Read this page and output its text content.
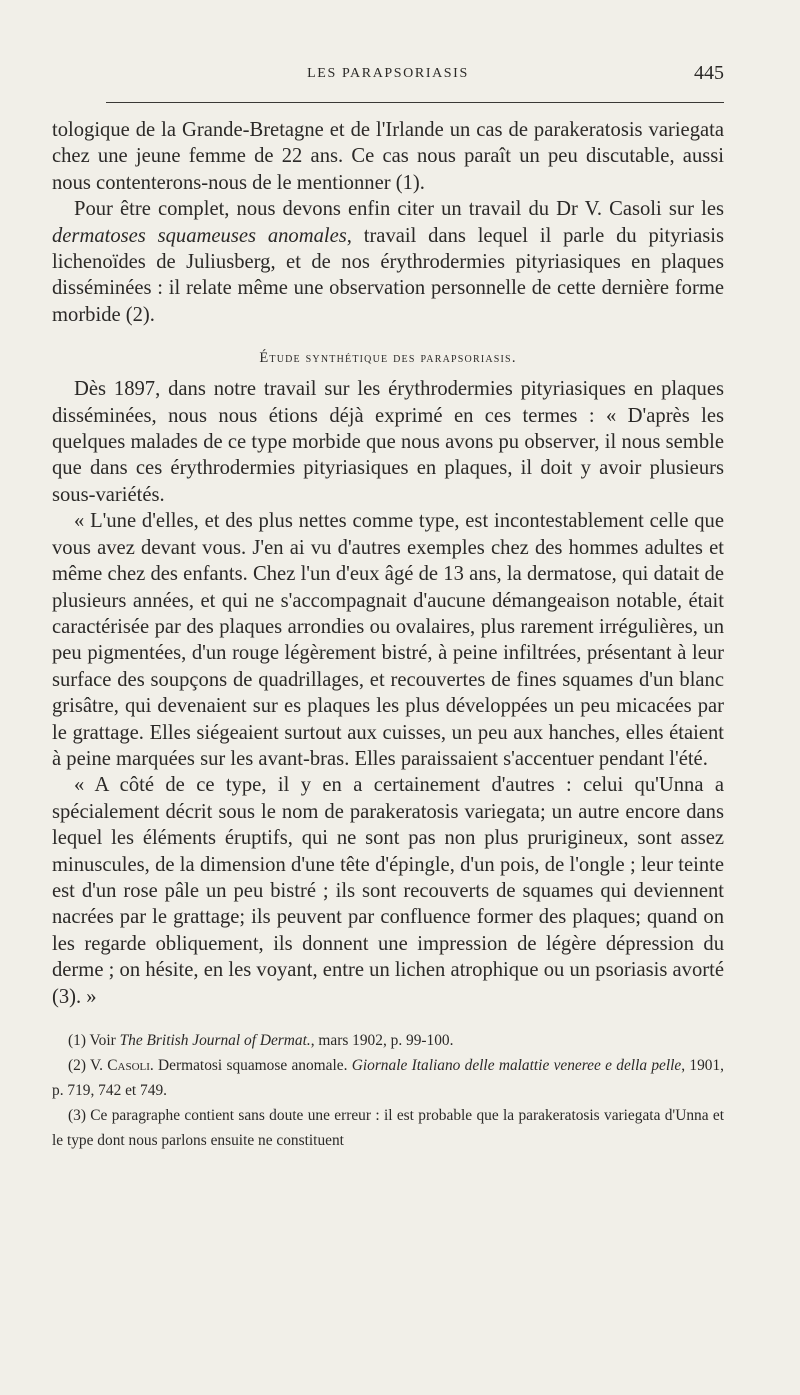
LES PARAPSORIASIS	445

tologique de la Grande-Bretagne et de l'Irlande un cas de parakeratosis variegata chez une jeune femme de 22 ans. Ce cas nous paraît un peu discutable, aussi nous contenterons-nous de le mentionner (1).

Pour être complet, nous devons enfin citer un travail du Dr V. Casoli sur les dermatoses squameuses anomales, travail dans lequel il parle du pityriasis lichenoïdes de Juliusberg, et de nos érythrodermies pityriasiques en plaques disséminées : il relate même une observation personnelle de cette dernière forme morbide (2).

Étude synthétique des parapsoriasis.

Dès 1897, dans notre travail sur les érythrodermies pityriasiques en plaques disséminées, nous nous étions déjà exprimé en ces termes : « D'après les quelques malades de ce type morbide que nous avons pu observer, il nous semble que dans ces érythrodermies pityriasiques en plaques, il doit y avoir plusieurs sous-variétés.

« L'une d'elles, et des plus nettes comme type, est incontestablement celle que vous avez devant vous. J'en ai vu d'autres exemples chez des hommes adultes et même chez des enfants. Chez l'un d'eux âgé de 13 ans, la dermatose, qui datait de plusieurs années, et qui ne s'accompagnait d'aucune démangeaison notable, était caractérisée par des plaques arrondies ou ovalaires, plus rarement irrégulières, un peu pigmentées, d'un rouge légèrement bistré, à peine infiltrées, présentant à leur surface des soupçons de quadrillages, et recouvertes de fines squames d'un blanc grisâtre, qui devenaient sur es plaques les plus développées un peu micacées par le grattage. Elles siégeaient surtout aux cuisses, un peu aux hanches, elles étaient à peine marquées sur les avant-bras. Elles paraissaient s'accentuer pendant l'été.

« A côté de ce type, il y en a certainement d'autres : celui qu'Unna a spécialement décrit sous le nom de parakeratosis variegata; un autre encore dans lequel les éléments éruptifs, qui ne sont pas non plus prurigineux, sont assez minuscules, de la dimension d'une tête d'épingle, d'un pois, de l'ongle ; leur teinte est d'un rose pâle un peu bistré ; ils sont recouverts de squames qui deviennent nacrées par le grattage; ils peuvent par confluence former des plaques; quand on les regarde obliquement, ils donnent une impression de légère dépression du derme ; on hésite, en les voyant, entre un lichen atrophique ou un psoriasis avorté (3). »

(1) Voir The British Journal of Dermat., mars 1902, p. 99-100.

(2) V. Casoli. Dermatosi squamose anomale. Giornale Italiano delle malattie veneree e della pelle, 1901, p. 719, 742 et 749.

(3) Ce paragraphe contient sans doute une erreur : il est probable que la parakeratosis variegata d'Unna et le type dont nous parlons ensuite ne constituent
